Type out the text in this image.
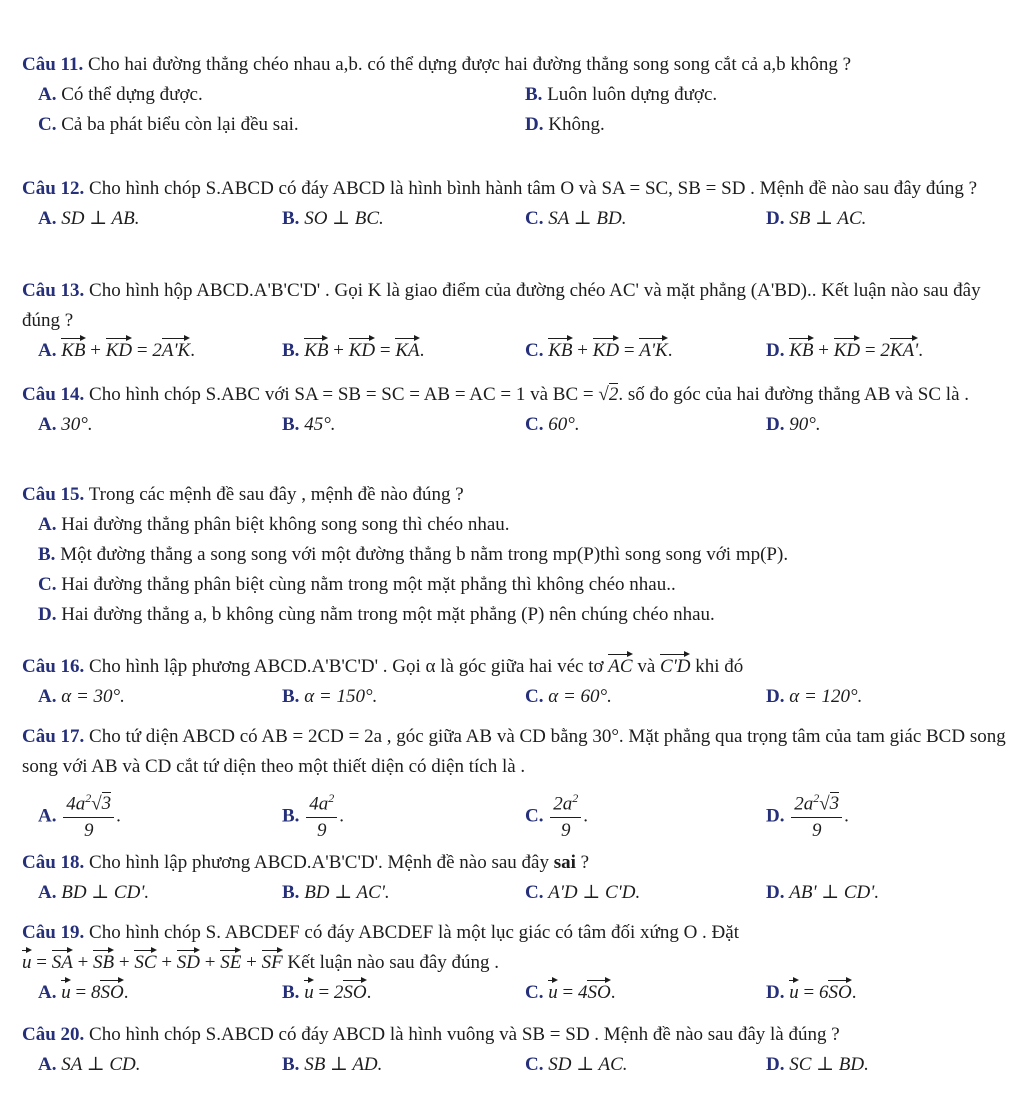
Câu 11. Cho hai đường thẳng chéo nhau a,b. có thể dựng được hai đường thẳng song song cắt cả a,b không ?
A. Có thể dựng được.	B. Luôn luôn dựng được.
C. Cả ba phát biểu còn lại đều sai.	D. Không.
Câu 12. Cho hình chóp S.ABCD có đáy ABCD là hình bình hành tâm O và SA = SC, SB = SD . Mệnh đề nào sau đây đúng ?
A. SD ⊥ AB.	B. SO ⊥ BC.	C. SA ⊥ BD.	D. SB ⊥ AC.
Câu 13. Cho hình hộp ABCD.A'B'C'D' . Gọi K là giao điểm của đường chéo AC' và mặt phẳng (A'BD).. Kết luận nào sau đây đúng ?
A. KB + KD = 2A'K.	B. KB + KD = KA.	C. KB + KD = A'K.	D. KB + KD = 2KA'.
Câu 14. Cho hình chóp S.ABC với SA = SB = SC = AB = AC = 1 và BC = √2. số đo góc của hai đường thẳng AB và SC là .
A. 30°.	B. 45°.	C. 60°.	D. 90°.
Câu 15. Trong các mệnh đề sau đây , mệnh đề nào đúng ?
A. Hai đường thẳng phân biệt không song song thì chéo nhau.
B. Một đường thẳng a song song với một đường thẳng b nằm trong mp(P)thì song song với mp(P).
C. Hai đường thẳng phân biệt cùng nằm trong một mặt phẳng thì không chéo nhau..
D. Hai đường thẳng a, b không cùng nằm trong một mặt phẳng (P) nên chúng chéo nhau.
Câu 16. Cho hình lập phương ABCD.A'B'C'D' . Gọi α là góc giữa hai véc tơ AC và C'D khi đó
A. α = 30°.	B. α = 150°.	C. α = 60°.	D. α = 120°.
Câu 17. Cho tứ diện ABCD có AB = 2CD = 2a , góc giữa AB và CD bằng 30°. Mặt phẳng qua trọng tâm của tam giác BCD song song với AB và CD cắt tứ diện theo một thiết diện có diện tích là .
A. $\frac{4a^2√3}{9}$ .	B. $\frac{4a^2}{9}$ .	C. $\frac{2a^2}{9}$ .	D. $\frac{2a^2√3}{9}$ .
Câu 18. Cho hình lập phương ABCD.A'B'C'D'. Mệnh đề nào sau đây sai ?
A. BD ⊥ CD'.	B. BD ⊥ AC'.	C. A'D ⊥ C'D.	D. AB' ⊥ CD'.
Câu 19. Cho hình chóp S. ABCDEF có đáy ABCDEF là một lục giác có tâm đối xứng O . Đặt
u = SA + SB + SC + SD + SE + SF Kết luận nào sau đây đúng .
A. u = 8SO.	B. u = 2SO.	C. u = 4SO.	D. u = 6SO.
Câu 20. Cho hình chóp S.ABCD có đáy ABCD là hình vuông và SB = SD . Mệnh đề nào sau đây là đúng ?
A. SA ⊥ CD.	B. SB ⊥ AD.	C. SD ⊥ AC.	D. SC ⊥ BD.
